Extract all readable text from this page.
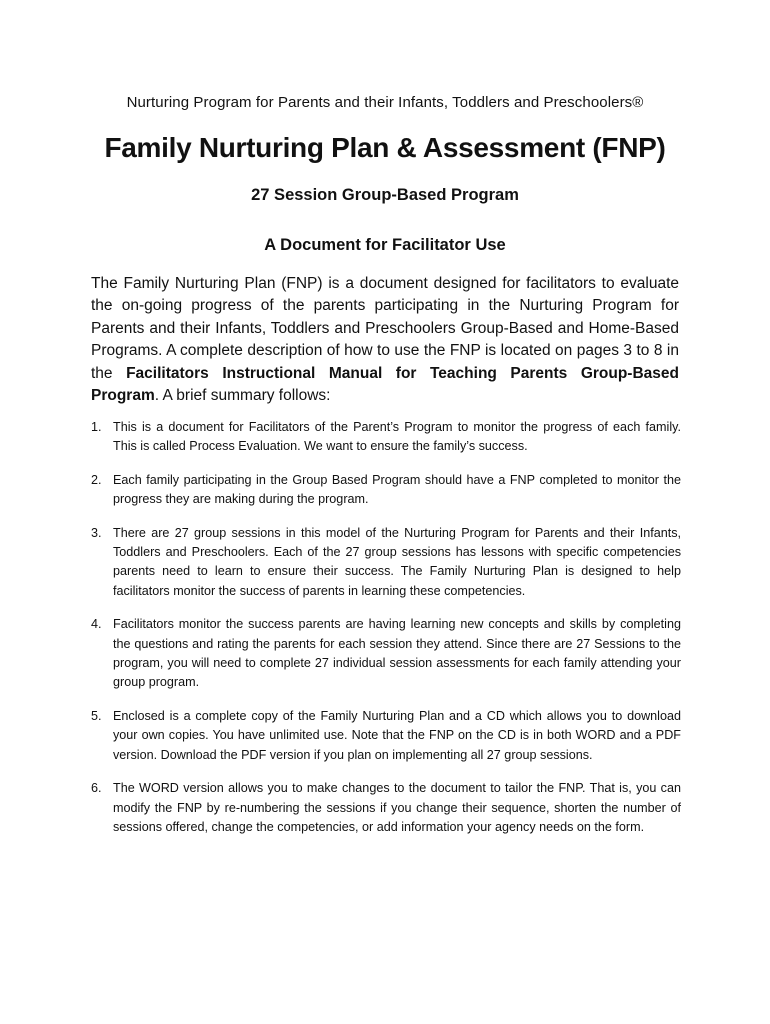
Nurturing Program for Parents and their Infants, Toddlers and Preschoolers®
Family Nurturing Plan & Assessment (FNP)
27 Session Group-Based Program
A Document for Facilitator Use

The Family Nurturing Plan (FNP) is a document designed for facilitators to evaluate the on-going progress of the parents participating in the Nurturing Program for Parents and their Infants, Toddlers and Preschoolers Group-Based and Home-Based Programs. A complete description of how to use the FNP is located on pages 3 to 8 in the Facilitators Instructional Manual for Teaching Parents Group-Based Program. A brief summary follows:

1. This is a document for Facilitators of the Parent’s Program to monitor the progress of each family. This is called Process Evaluation. We want to ensure the family’s success.
2. Each family participating in the Group Based Program should have a FNP completed to monitor the progress they are making during the program.
3. There are 27 group sessions in this model of the Nurturing Program for Parents and their Infants, Toddlers and Preschoolers. Each of the 27 group sessions has lessons with specific competencies parents need to learn to ensure their success. The Family Nurturing Plan is designed to help facilitators monitor the success of parents in learning these competencies.
4. Facilitators monitor the success parents are having learning new concepts and skills by completing the questions and rating the parents for each session they attend. Since there are 27 Sessions to the program, you will need to complete 27 individual session assessments for each family attending your group program.
5. Enclosed is a complete copy of the Family Nurturing Plan and a CD which allows you to download your own copies. You have unlimited use. Note that the FNP on the CD is in both WORD and a PDF version. Download the PDF version if you plan on implementing all 27 group sessions.
6. The WORD version allows you to make changes to the document to tailor the FNP. That is, you can modify the FNP by re-numbering the sessions if you change their sequence, shorten the number of sessions offered, change the competencies, or add information your agency needs on the form.
